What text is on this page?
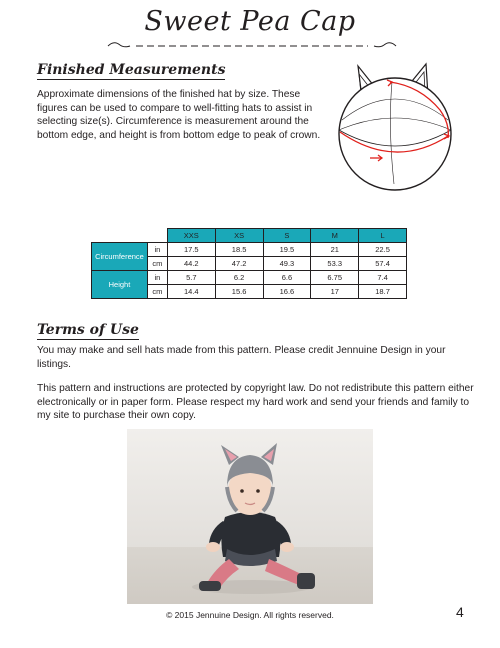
Sweet Pea Cap
Finished Measurements
Approximate dimensions of the finished hat by size. These figures can be used to compare to well-fitting hats to assist in selecting size(s). Circumference is measurement around the bottom edge, and height is from bottom edge to peak of crown.
		XXS	XS	S	M	L
Circumference	in	17.5	18.5	19.5	21	22.5
	cm	44.2	47.2	49.3	53.3	57.4
Height	in	5.7	6.2	6.6	6.75	7.4
	cm	14.4	15.6	16.6	17	18.7
Terms of Use
You may make and sell hats made from this pattern. Please credit Jennuine Design in your listings.
This pattern and instructions are protected by copyright law. Do not redistribute this pattern either electronically or in paper form. Please respect my hard work and send your friends and family to my site to purchase their own copy.
© 2015 Jennuine Design. All rights reserved.	4
